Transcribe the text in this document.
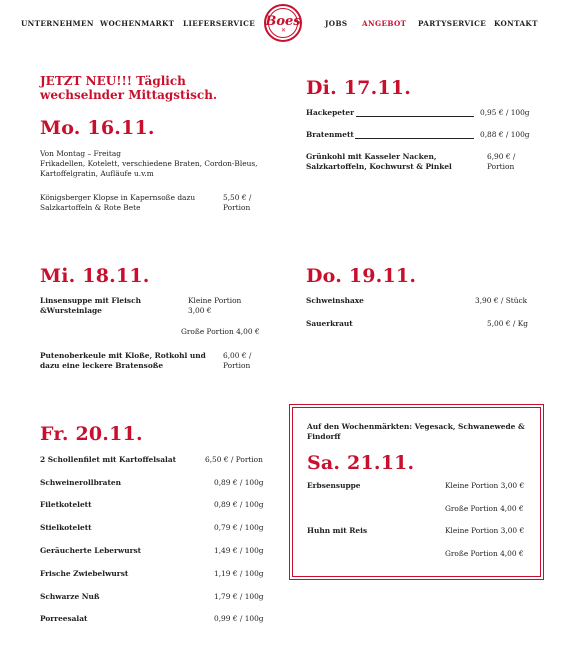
UNTERNEHMEN WOCHENMARKT LIEFERSERVICE Boes
✕
JOBS ANGEBOT PARTYSERVICE KONTAKT
JETZT NEU!!! Täglich wechselnder Mittagstisch.
Mo. 16.11.
Von Montag – Freitag
Frikadellen, Kotelett, verschiedene Braten, Cordon-Bleus, Kartoffelgratin, Aufläufe u.v.m
Königsberger Klopse in Kapernsoße dazu Salzkartoffeln & Rote Bete
5,50 € / Portion
Di. 17.11.
Hackepeter	0,95 € / 100g
Bratenmett	0,88 € / 100g
Grünkohl mit Kasseler Nacken, Salzkartoffeln, Kochwurst & Pinkel
6,90 € / Portion
Mi. 18.11.
Linsensuppe mit Fleisch &Wursteinlage
Kleine Portion 3,00 €
Große Portion 4,00 €
Putenoberkeule mit Kloße, Rotkohl und dazu eine leckere Bratensoße
6,00 € / Portion
Do. 19.11.
Schweinshaxe	3,90 € / Stück
Sauerkraut	5,00 € / Kg
Fr. 20.11.
2 Schollenfilet mit Kartoffelsalat	6,50 € / Portion
Schweinerollbraten	0,89 € / 100g
Filetkotelett	0,89 € / 100g
Stielkotelett	0,79 € / 100g
Geräucherte Leberwurst	1,49 € / 100g
Frische Zwiebelwurst	1,19 € / 100g
Schwarze Nuß	1,79 € / 100g
Porreesalat	0,99 € / 100g
Auf den Wochenmärkten: Vegesack, Schwanewede & Findorff
Sa. 21.11.
Erbsensuppe	Kleine Portion 3,00 €
Große Portion 4,00 €
Huhn mit Reis	Kleine Portion 3,00 €
Große Portion 4,00 €
